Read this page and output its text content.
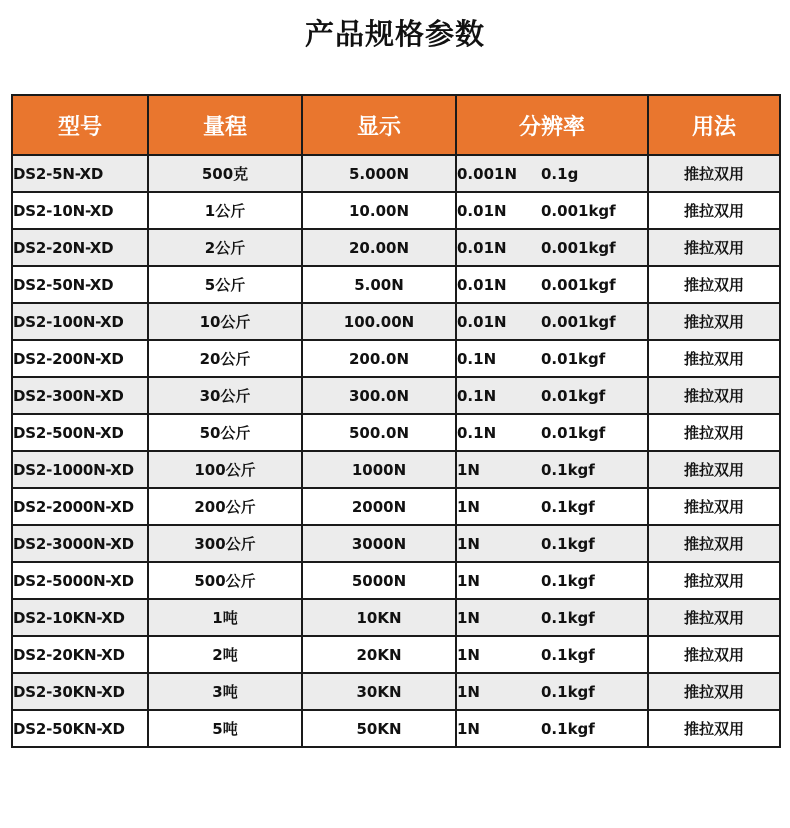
产品规格参数
型号	量程	显示	分辨率	用法
DS2-5N-XD	500克	5.000N	0.001N 0.1g	推拉双用
DS2-10N-XD	1公斤	10.00N	0.01N 0.001kgf	推拉双用
DS2-20N-XD	2公斤	20.00N	0.01N 0.001kgf	推拉双用
DS2-50N-XD	5公斤	5.00N	0.01N 0.001kgf	推拉双用
DS2-100N-XD	10公斤	100.00N	0.01N 0.001kgf	推拉双用
DS2-200N-XD	20公斤	200.0N	0.1N 0.01kgf	推拉双用
DS2-300N-XD	30公斤	300.0N	0.1N 0.01kgf	推拉双用
DS2-500N-XD	50公斤	500.0N	0.1N 0.01kgf	推拉双用
DS2-1000N-XD	100公斤	1000N	1N 0.1kgf	推拉双用
DS2-2000N-XD	200公斤	2000N	1N 0.1kgf	推拉双用
DS2-3000N-XD	300公斤	3000N	1N 0.1kgf	推拉双用
DS2-5000N-XD	500公斤	5000N	1N 0.1kgf	推拉双用
DS2-10KN-XD	1吨	10KN	1N 0.1kgf	推拉双用
DS2-20KN-XD	2吨	20KN	1N 0.1kgf	推拉双用
DS2-30KN-XD	3吨	30KN	1N 0.1kgf	推拉双用
DS2-50KN-XD	5吨	50KN	1N 0.1kgf	推拉双用
